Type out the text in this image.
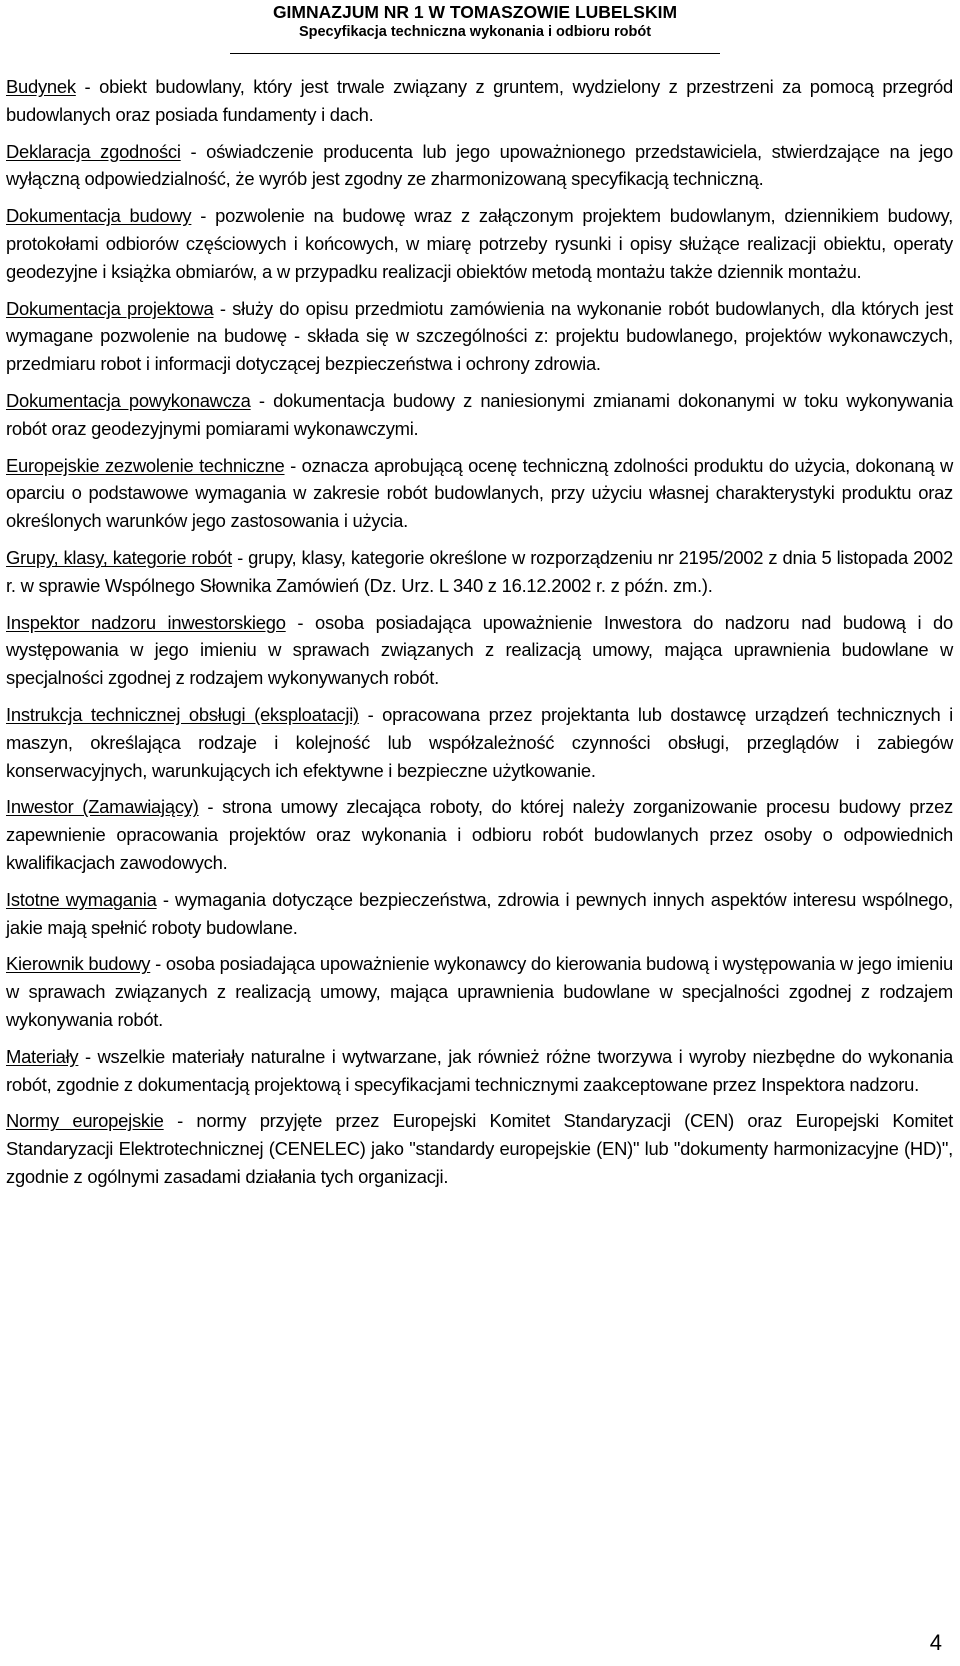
GIMNAZJUM NR 1 W TOMASZOWIE LUBELSKIM
Specyfikacja techniczna wykonania i odbioru robót

Budynek - obiekt budowlany, który jest trwale związany z gruntem, wydzielony z przestrzeni za pomocą przegród budowlanych oraz posiada fundamenty i dach.

Deklaracja zgodności - oświadczenie producenta lub jego upoważnionego przedstawiciela, stwierdzające na jego wyłączną odpowiedzialność, że wyrób jest zgodny ze zharmonizowaną specyfikacją techniczną.

Dokumentacja budowy - pozwolenie na budowę wraz z załączonym projektem budowlanym, dziennikiem budowy, protokołami odbiorów częściowych i końcowych, w miarę potrzeby rysunki i opisy służące realizacji obiektu, operaty geodezyjne i książka obmiarów, a w przypadku realizacji obiektów metodą montażu także dziennik montażu.

Dokumentacja projektowa - służy do opisu przedmiotu zamówienia na wykonanie robót budowlanych, dla których jest wymagane pozwolenie na budowę - składa się w szczególności z: projektu budowlanego, projektów wykonawczych, przedmiaru robot i informacji dotyczącej bezpieczeństwa i ochrony zdrowia.

Dokumentacja powykonawcza - dokumentacja budowy z naniesionymi zmianami dokonanymi w toku wykonywania robót oraz geodezyjnymi pomiarami wykonawczymi.

Europejskie zezwolenie techniczne - oznacza aprobującą ocenę techniczną zdolności produktu do użycia, dokonaną w oparciu o podstawowe wymagania w zakresie robót budowlanych, przy użyciu własnej charakterystyki produktu oraz określonych warunków jego zastosowania i użycia.

Grupy, klasy, kategorie robót - grupy, klasy, kategorie określone w rozporządzeniu nr 2195/2002 z dnia 5 listopada 2002 r. w sprawie Wspólnego Słownika Zamówień (Dz. Urz. L 340 z 16.12.2002 r. z późn. zm.).

Inspektor nadzoru inwestorskiego - osoba posiadająca upoważnienie Inwestora do nadzoru nad budową i do występowania w jego imieniu w sprawach związanych z realizacją umowy, mająca uprawnienia budowlane w specjalności zgodnej z rodzajem wykonywanych robót.

Instrukcja technicznej obsługi (eksploatacji) - opracowana przez projektanta lub dostawcę urządzeń technicznych i maszyn, określająca rodzaje i kolejność lub współzależność czynności obsługi, przeglądów i zabiegów konserwacyjnych, warunkujących ich efektywne i bezpieczne użytkowanie.

Inwestor (Zamawiający) - strona umowy zlecająca roboty, do której należy zorganizowanie procesu budowy przez zapewnienie opracowania projektów oraz wykonania i odbioru robót budowlanych przez osoby o odpowiednich kwalifikacjach zawodowych.

Istotne wymagania - wymagania dotyczące bezpieczeństwa, zdrowia i pewnych innych aspektów interesu wspólnego, jakie mają spełnić roboty budowlane.

Kierownik budowy - osoba posiadająca upoważnienie wykonawcy do kierowania budową i występowania w jego imieniu w sprawach związanych z realizacją umowy, mająca uprawnienia budowlane w specjalności zgodnej z rodzajem wykonywania robót.

Materiały - wszelkie materiały naturalne i wytwarzane, jak również różne tworzywa i wyroby niezbędne do wykonania robót, zgodnie z dokumentacją projektową i specyfikacjami technicznymi zaakceptowane przez Inspektora nadzoru.

Normy europejskie - normy przyjęte przez Europejski Komitet Standaryzacji (CEN) oraz Europejski Komitet Standaryzacji Elektrotechnicznej (CENELEC) jako "standardy europejskie (EN)" lub "dokumenty harmonizacyjne (HD)", zgodnie z ogólnymi zasadami działania tych organizacji.

4
